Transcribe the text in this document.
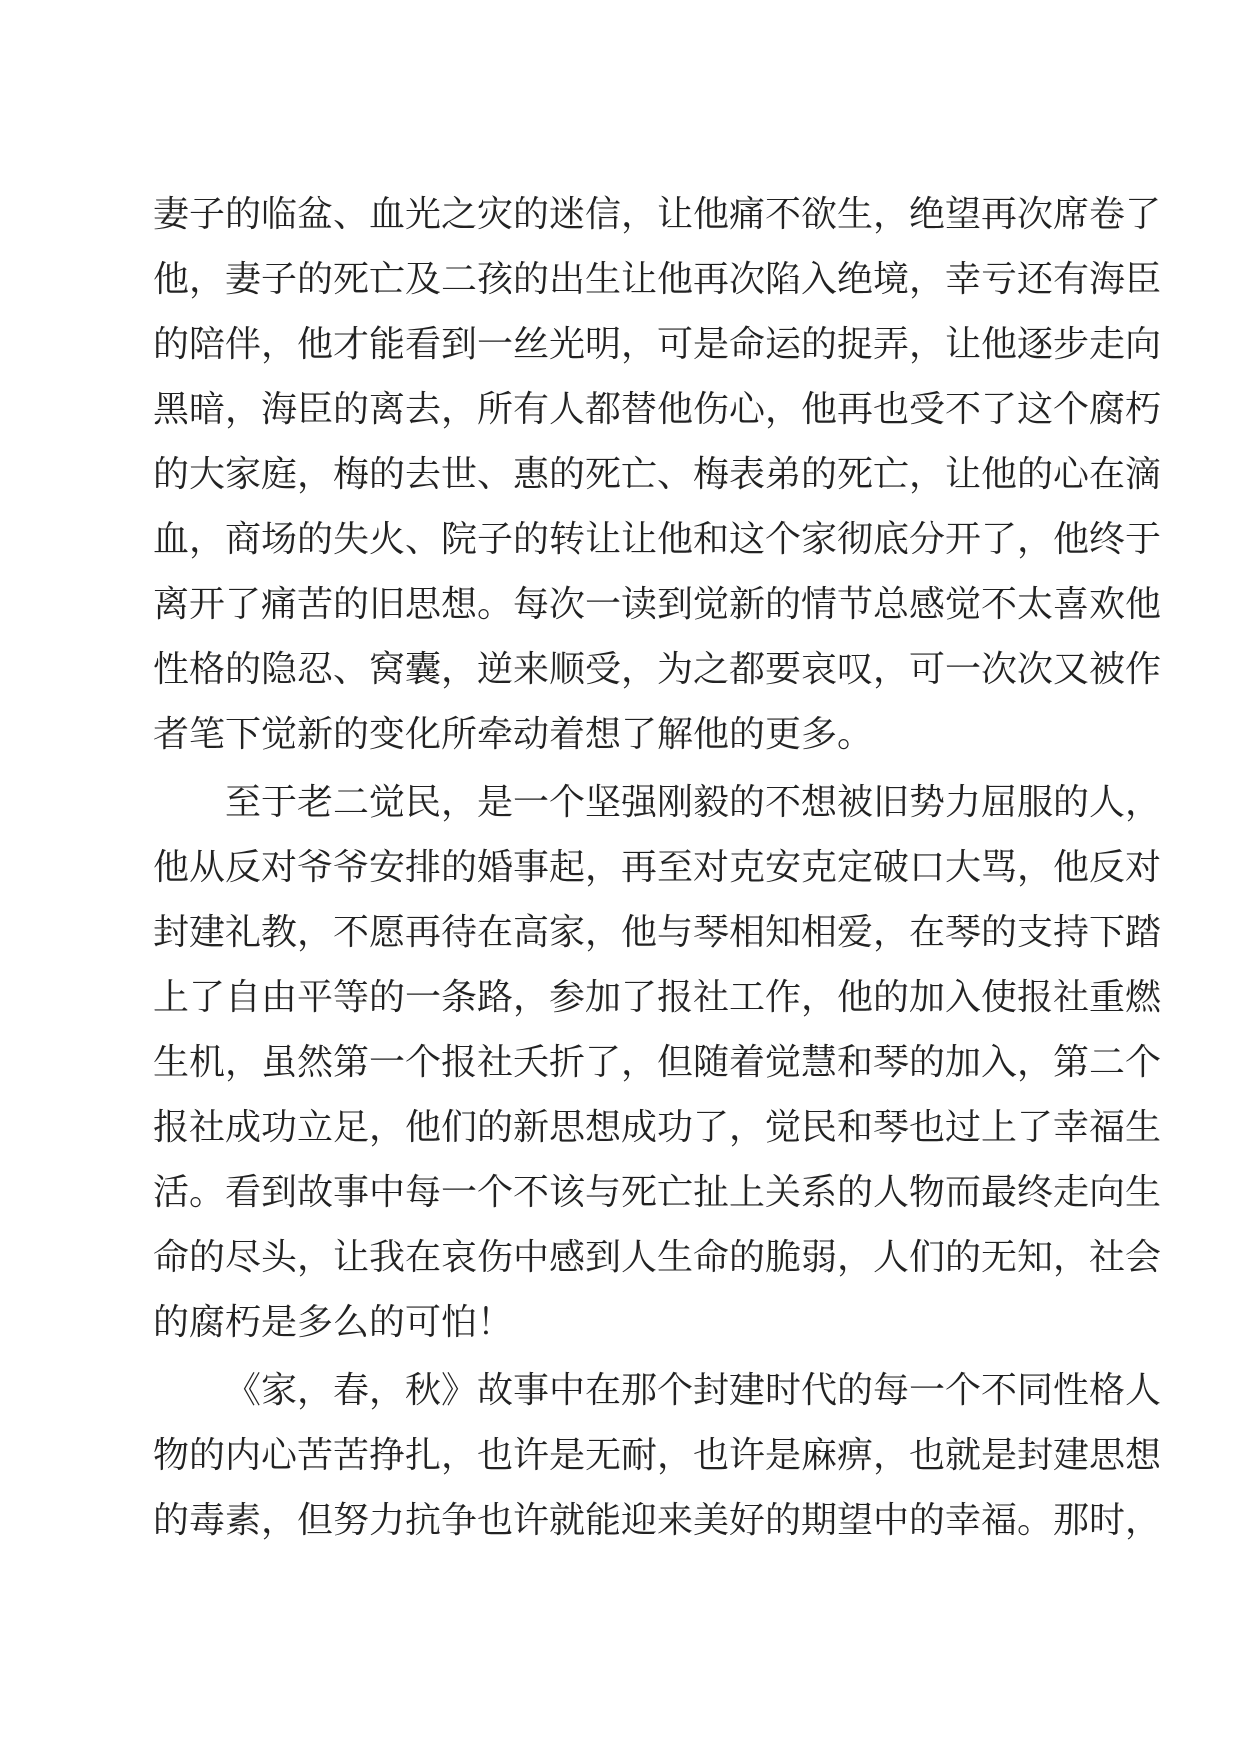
妻子的临盆、血光之灾的迷信，让他痛不欲生，绝望再次席卷了
他，妻子的死亡及二孩的出生让他再次陷入绝境，幸亏还有海臣
的陪伴，他才能看到一丝光明，可是命运的捉弄，让他逐步走向
黑暗，海臣的离去，所有人都替他伤心，他再也受不了这个腐朽
的大家庭，梅的去世、惠的死亡、梅表弟的死亡，让他的心在滴
血，商场的失火、院子的转让让他和这个家彻底分开了，他终于
离开了痛苦的旧思想。每次一读到觉新的情节总感觉不太喜欢他
性格的隐忍、窝囊，逆来顺受，为之都要哀叹，可一次次又被作
者笔下觉新的变化所牵动着想了解他的更多。
至于老二觉民，是一个坚强刚毅的不想被旧势力屈服的人，
他从反对爷爷安排的婚事起，再至对克安克定破口大骂，他反对
封建礼教，不愿再待在高家，他与琴相知相爱，在琴的支持下踏
上了自由平等的一条路，参加了报社工作，他的加入使报社重燃
生机，虽然第一个报社夭折了，但随着觉慧和琴的加入，第二个
报社成功立足，他们的新思想成功了，觉民和琴也过上了幸福生
活。看到故事中每一个不该与死亡扯上关系的人物而最终走向生
命的尽头，让我在哀伤中感到人生命的脆弱，人们的无知，社会
的腐朽是多么的可怕！
《家，春，秋》故事中在那个封建时代的每一个不同性格人
物的内心苦苦挣扎，也许是无耐，也许是麻痹，也就是封建思想
的毒素，但努力抗争也许就能迎来美好的期望中的幸福。那时，
